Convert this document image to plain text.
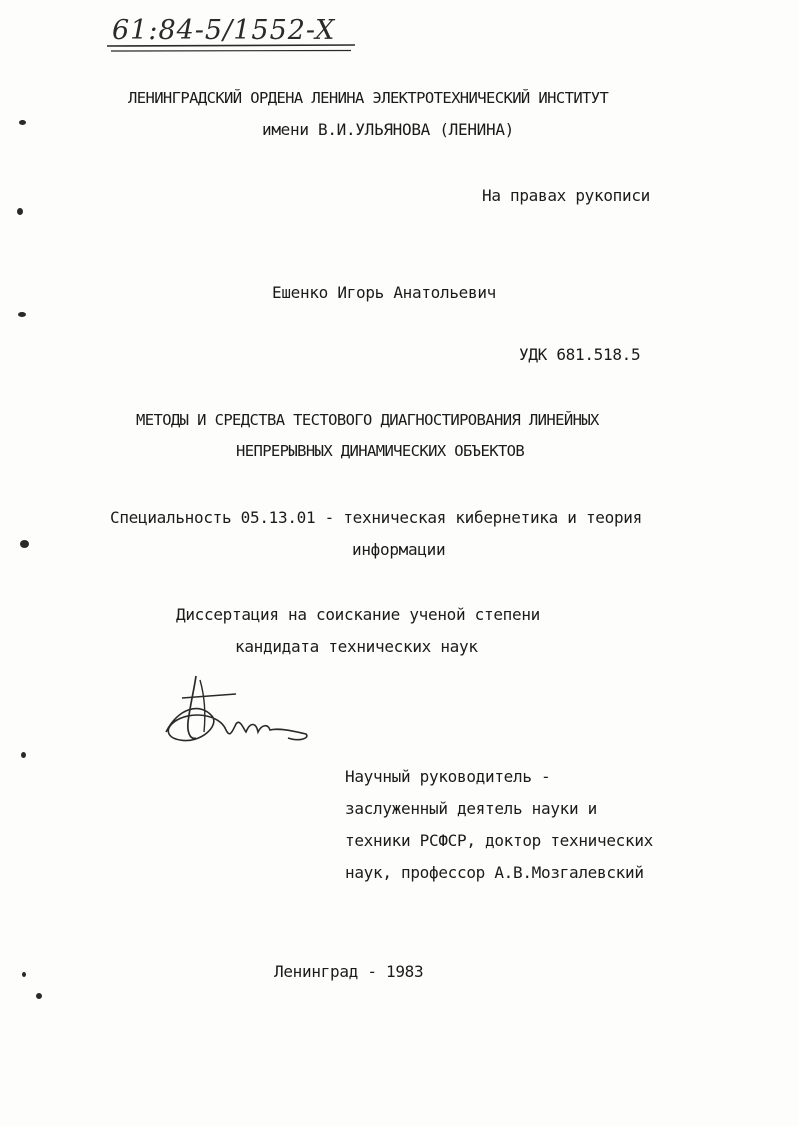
61:84-5/1552-X
ЛЕНИНГРАДСКИЙ ОРДЕНА ЛЕНИНА ЭЛЕКТРОТЕХНИЧЕСКИЙ ИНСТИТУТ
имени В.И.УЛЬЯНОВА (ЛЕНИНА)
На правах рукописи
Ешенко Игорь Анатольевич
УДК 681.518.5
МЕТОДЫ И СРЕДСТВА ТЕСТОВОГО ДИАГНОСТИРОВАНИЯ ЛИНЕЙНЫХ
НЕПРЕРЫВНЫХ ДИНАМИЧЕСКИХ ОБЪЕКТОВ
Специальность 05.13.01 - техническая кибернетика и теория
информации
Диссертация на соискание ученой степени
кандидата технических наук
Научный руководитель -
заслуженный деятель науки и
техники РСФСР, доктор технических
наук, профессор А.В.Мозгалевский
Ленинград - 1983
